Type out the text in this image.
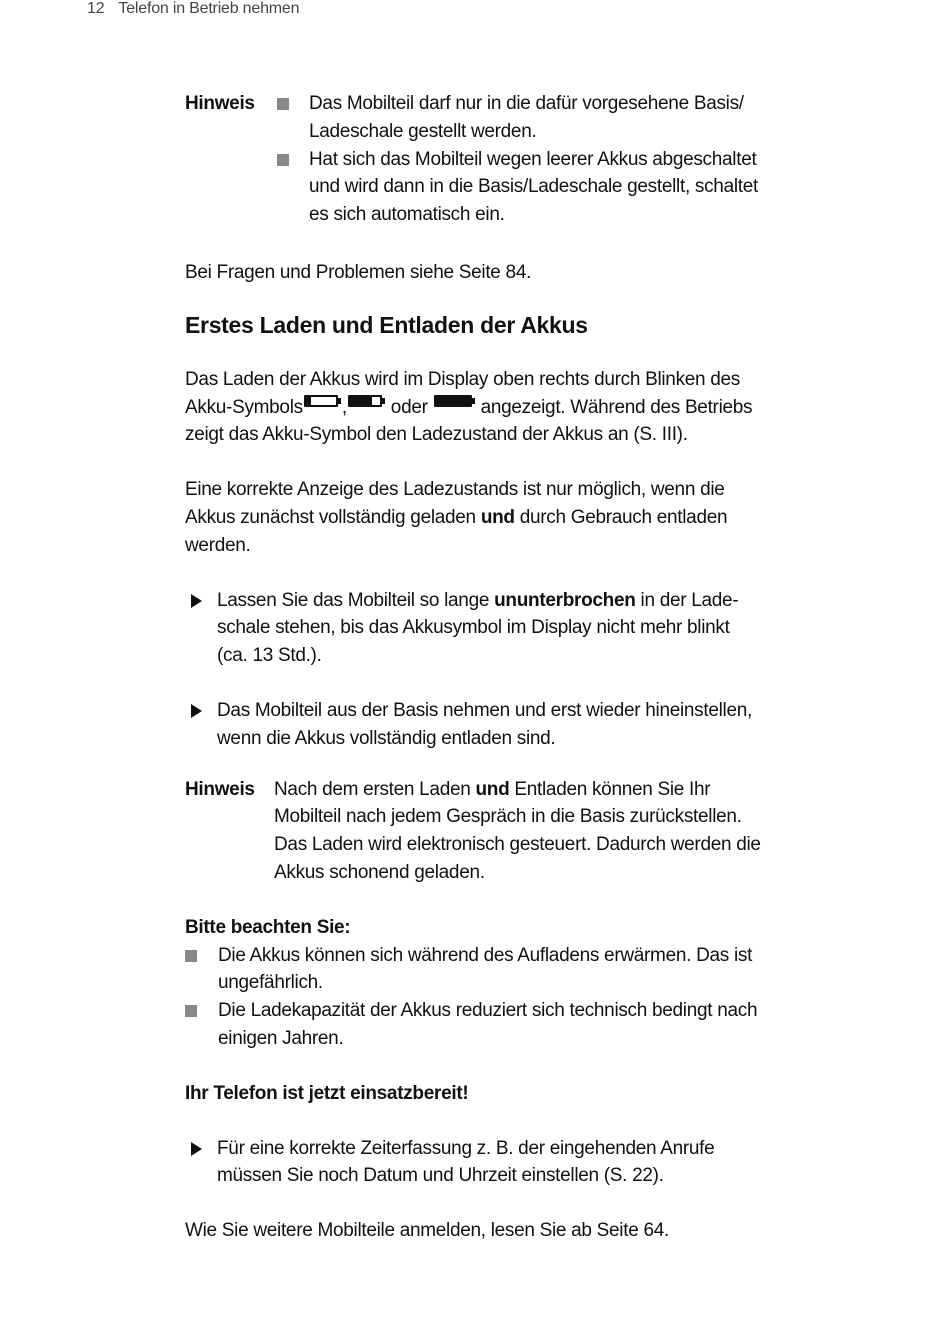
12 Telefon in Betrieb nehmen
Hinweis	Das Mobilteil darf nur in die dafür vorgesehene Basis/ Ladeschale gestellt werden.
Hat sich das Mobilteil wegen leerer Akkus abgeschaltet und wird dann in die Basis/Ladeschale gestellt, schaltet es sich automatisch ein.

Bei Fragen und Problemen siehe Seite 84.

Erstes Laden und Entladen der Akkus

Das Laden der Akkus wird im Display oben rechts durch Blinken des Akku-Symbols , oder	angezeigt. Während des Betriebs zeigt das Akku-Symbol den Ladezustand der Akkus an (S. III).

Eine korrekte Anzeige des Ladezustands ist nur möglich, wenn die Akkus zunächst vollständig geladen und durch Gebrauch entladen werden.

Lassen Sie das Mobilteil so lange ununterbrochen in der Ladeschale stehen, bis das Akkusymbol im Display nicht mehr blinkt (ca. 13 Std.).

Das Mobilteil aus der Basis nehmen und erst wieder hineinstellen, wenn die Akkus vollständig entladen sind.

Hinweis	Nach dem ersten Laden und Entladen können Sie Ihr Mobilteil nach jedem Gespräch in die Basis zurückstellen. Das Laden wird elektronisch gesteuert. Dadurch werden die Akkus schonend geladen.

Bitte beachten Sie:
Die Akkus können sich während des Aufladens erwärmen. Das ist ungefährlich.
Die Ladekapazität der Akkus reduziert sich technisch bedingt nach einigen Jahren.

Ihr Telefon ist jetzt einsatzbereit!

Für eine korrekte Zeiterfassung z. B. der eingehenden Anrufe müssen Sie noch Datum und Uhrzeit einstellen (S. 22).

Wie Sie weitere Mobilteile anmelden, lesen Sie ab Seite 64.
